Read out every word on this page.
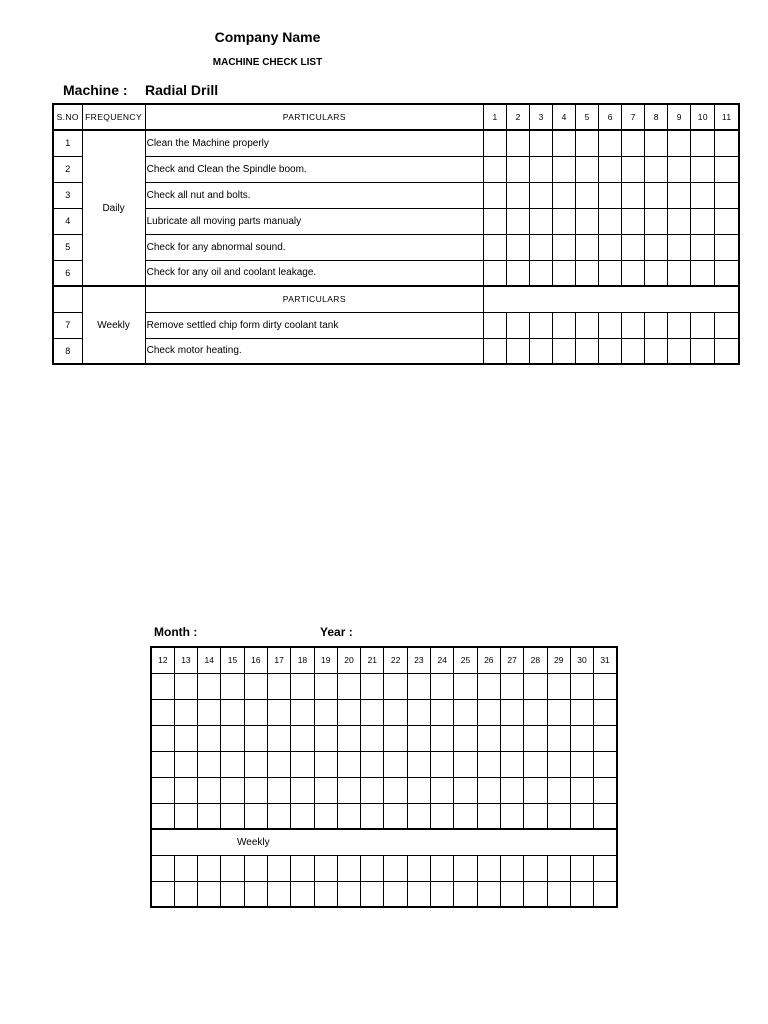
Company Name
MACHINE CHECK LIST
Machine : Radial Drill
S.NO	FREQUENCY	PARTICULARS	1	2	3	4	5	6	7	8	9	10	11
1	Daily	Clean the Machine properly											
2		Check and Clean the Spindle boom.											
3		Check all nut and bolts.											
4		Lubricate all moving parts manualy											
5		Check for any abnormal sound.											
6		Check for any oil and coolant leakage.											
	Weekly	PARTICULARS											
7		Remove settled chip form dirty coolant tank											
8		Check motor heating.											
Month :	Year :
12	13	14	15	16	17	18	19	20	21	22	23	24	25	26	27	28	29	30	31

Weekly																			
